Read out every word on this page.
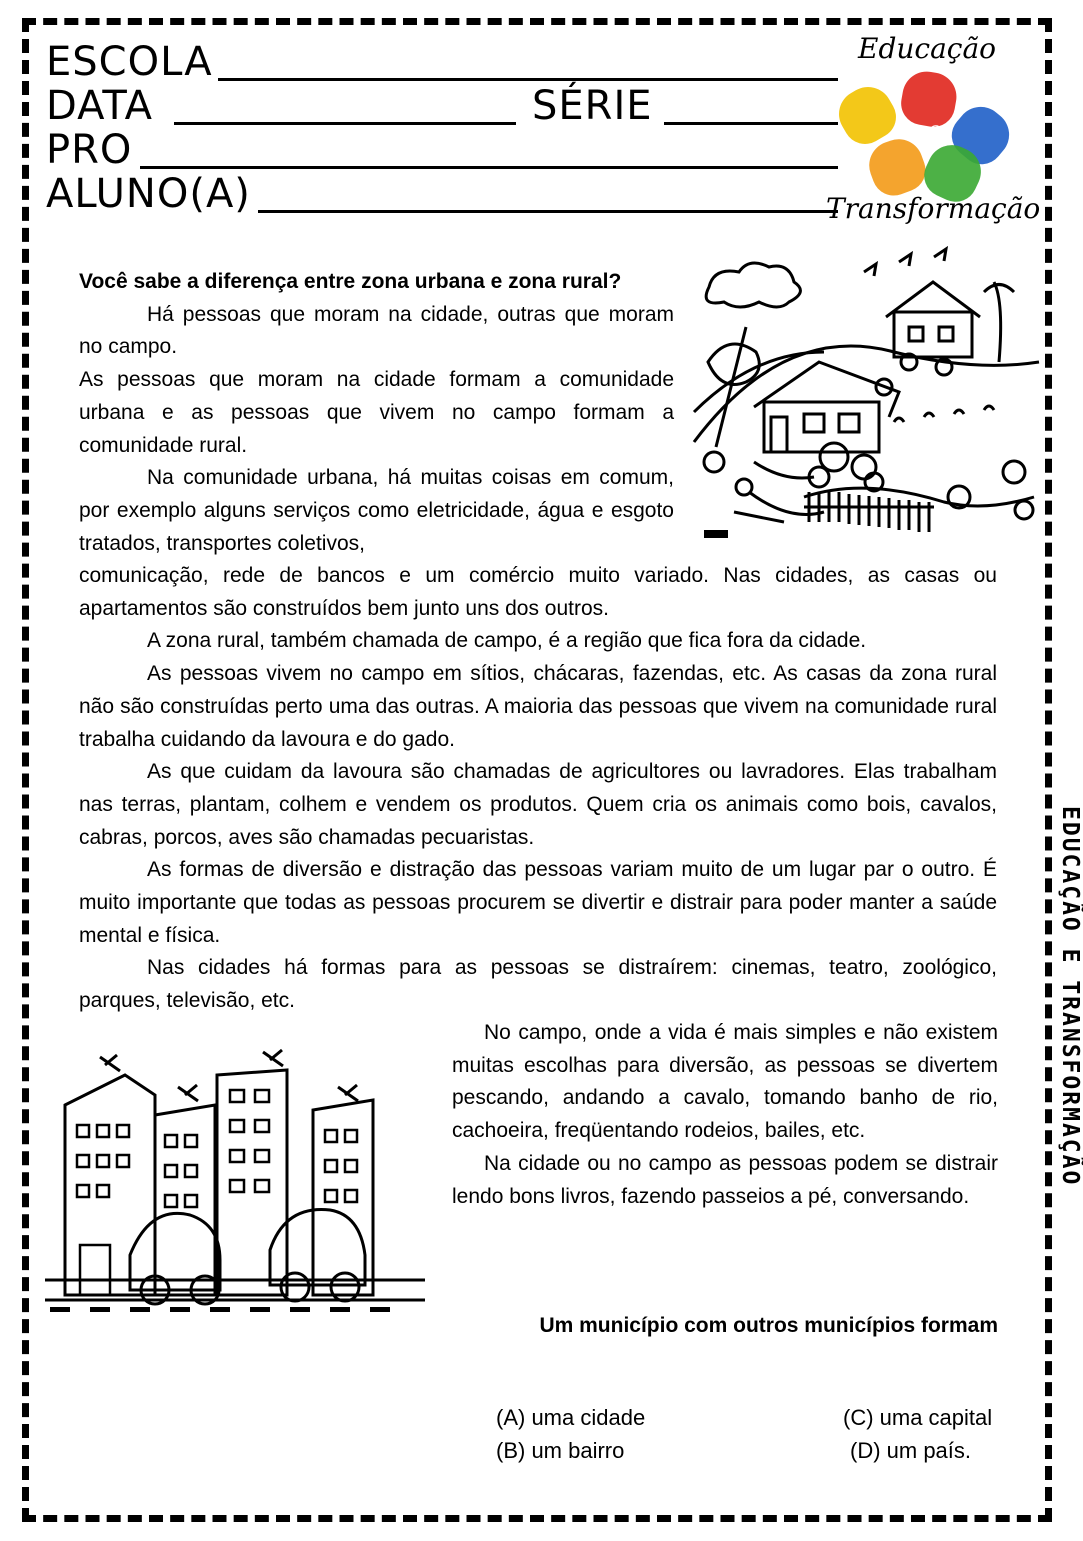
ESCOLA
DATA	SÉRIE
PRO
ALUNO(A)
Educação
e
Transformação

Você sabe a diferença entre zona urbana e zona rural?

Há pessoas que moram na cidade, outras que moram no campo.

As pessoas que moram na cidade formam a comunidade urbana e as pessoas que vivem no campo formam a comunidade rural.

Na comunidade urbana, há muitas coisas em comum, por exemplo alguns serviços como eletricidade, água e esgoto tratados, transportes coletivos,

comunicação, rede de bancos e um comércio muito variado. Nas cidades, as casas ou apartamentos são construídos bem junto uns dos outros.

A zona rural, também chamada de campo, é a região que fica fora da cidade.

As pessoas vivem no campo em sítios, chácaras, fazendas, etc. As casas da zona rural não são construídas perto uma das outras. A maioria das pessoas que vivem na comunidade rural trabalha cuidando da lavoura e do gado.

As que cuidam da lavoura são chamadas de agricultores ou lavradores. Elas trabalham nas terras, plantam, colhem e vendem os produtos. Quem cria os animais como bois, cavalos, cabras, porcos, aves são chamadas pecuaristas.

As formas de diversão e distração das pessoas variam muito de um lugar par o outro. É muito importante que todas as pessoas procurem se divertir e distrair para poder manter a saúde mental e física.

Nas cidades há formas para as pessoas se distraírem: cinemas, teatro, zoológico, parques, televisão, etc.

No campo, onde a vida é mais simples e não existem muitas escolhas para diversão, as pessoas se divertem pescando, andando a cavalo, tomando banho de rio, cachoeira, freqüentando rodeios, bailes, etc.

Na cidade ou no campo as pessoas podem se distrair lendo bons livros, fazendo passeios a pé, conversando.

Um município com outros municípios formam
(A) uma cidade
(B) um bairro
(C) uma capital
(D) um país.
EDUCAÇÃO E TRANSFORMAÇÃO
